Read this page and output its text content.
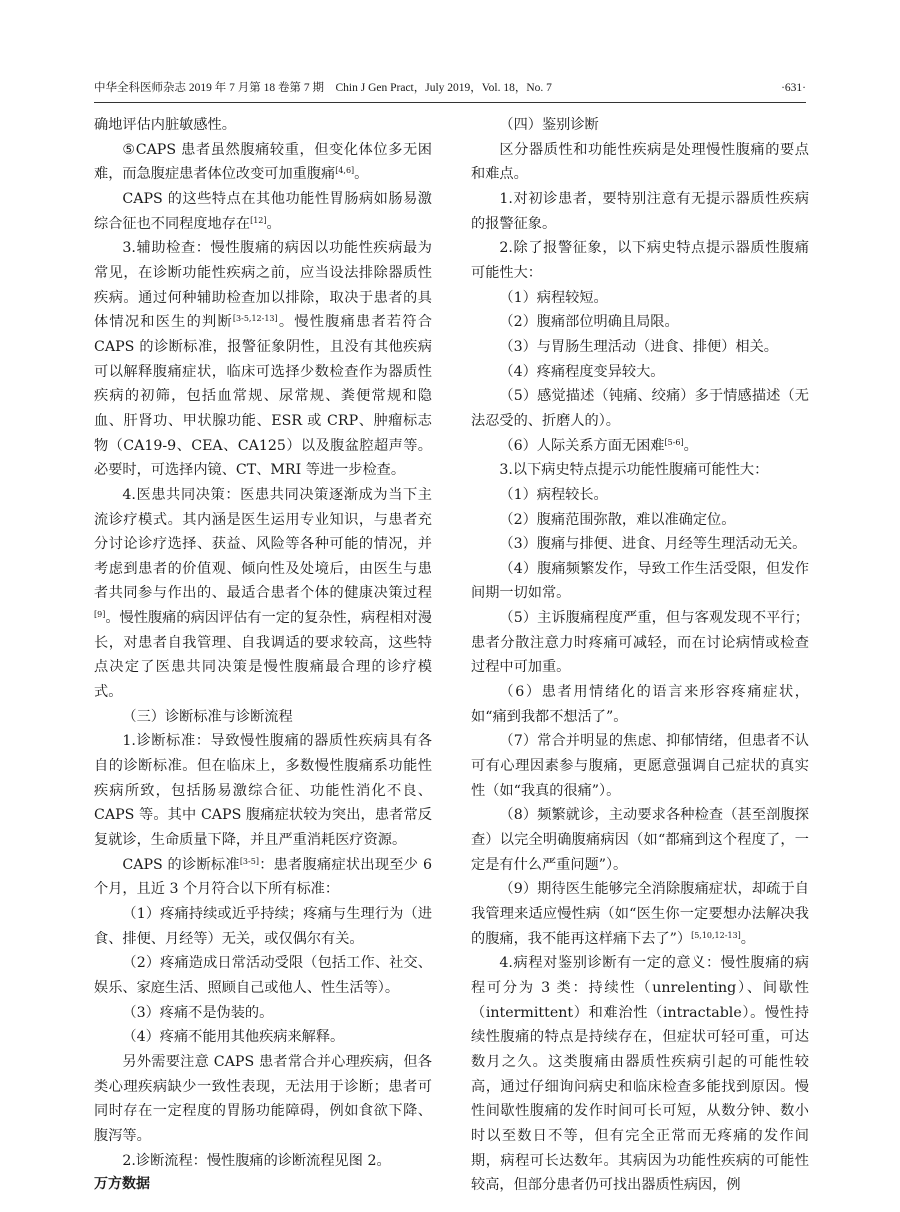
中华全科医师杂志 2019 年 7 月第 18 卷第 7 期　Chin J Gen Pract，July 2019，Vol. 18，No. 7	·631·

确地评估内脏敏感性。

⑤CAPS 患者虽然腹痛较重，但变化体位多无困难，而急腹症患者体位改变可加重腹痛[4,6]。

CAPS 的这些特点在其他功能性胃肠病如肠易激综合征也不同程度地存在[12]。

3.辅助检查：慢性腹痛的病因以功能性疾病最为常见，在诊断功能性疾病之前，应当设法排除器质性疾病。通过何种辅助检查加以排除，取决于患者的具体情况和医生的判断[3-5,12-13]。慢性腹痛患者若符合 CAPS 的诊断标准，报警征象阴性，且没有其他疾病可以解释腹痛症状，临床可选择少数检查作为器质性疾病的初筛，包括血常规、尿常规、粪便常规和隐血、肝肾功、甲状腺功能、ESR 或 CRP、肿瘤标志物（CA19-9、CEA、CA125）以及腹盆腔超声等。必要时，可选择内镜、CT、MRI 等进一步检查。

4.医患共同决策：医患共同决策逐渐成为当下主流诊疗模式。其内涵是医生运用专业知识，与患者充分讨论诊疗选择、获益、风险等各种可能的情况，并考虑到患者的价值观、倾向性及处境后，由医生与患者共同参与作出的、最适合患者个体的健康决策过程[9]。慢性腹痛的病因评估有一定的复杂性，病程相对漫长，对患者自我管理、自我调适的要求较高，这些特点决定了医患共同决策是慢性腹痛最合理的诊疗模式。

（三）诊断标准与诊断流程

1.诊断标准：导致慢性腹痛的器质性疾病具有各自的诊断标准。但在临床上，多数慢性腹痛系功能性疾病所致，包括肠易激综合征、功能性消化不良、CAPS 等。其中 CAPS 腹痛症状较为突出，患者常反复就诊，生命质量下降，并且严重消耗医疗资源。

CAPS 的诊断标准[3-5]：患者腹痛症状出现至少 6 个月，且近 3 个月符合以下所有标准：

（1）疼痛持续或近乎持续；疼痛与生理行为（进食、排便、月经等）无关，或仅偶尔有关。

（2）疼痛造成日常活动受限（包括工作、社交、娱乐、家庭生活、照顾自己或他人、性生活等）。

（3）疼痛不是伪装的。

（4）疼痛不能用其他疾病来解释。

另外需要注意 CAPS 患者常合并心理疾病，但各类心理疾病缺少一致性表现，无法用于诊断；患者可同时存在一定程度的胃肠功能障碍，例如食欲下降、腹泻等。

2.诊断流程：慢性腹痛的诊断流程见图 2。

（四）鉴别诊断

区分器质性和功能性疾病是处理慢性腹痛的要点和难点。

1.对初诊患者，要特别注意有无提示器质性疾病的报警征象。

2.除了报警征象，以下病史特点提示器质性腹痛可能性大：

（1）病程较短。

（2）腹痛部位明确且局限。

（3）与胃肠生理活动（进食、排便）相关。

（4）疼痛程度变异较大。

（5）感觉描述（钝痛、绞痛）多于情感描述（无法忍受的、折磨人的）。

（6）人际关系方面无困难[5-6]。

3.以下病史特点提示功能性腹痛可能性大：

（1）病程较长。

（2）腹痛范围弥散，难以准确定位。

（3）腹痛与排便、进食、月经等生理活动无关。

（4）腹痛频繁发作，导致工作生活受限，但发作间期一切如常。

（5）主诉腹痛程度严重，但与客观发现不平行；患者分散注意力时疼痛可减轻，而在讨论病情或检查过程中可加重。

（6）患者用情绪化的语言来形容疼痛症状，如“痛到我都不想活了”。

（7）常合并明显的焦虑、抑郁情绪，但患者不认可有心理因素参与腹痛，更愿意强调自己症状的真实性（如“我真的很痛”）。

（8）频繁就诊，主动要求各种检查（甚至剖腹探查）以完全明确腹痛病因（如“都痛到这个程度了，一定是有什么严重问题”）。

（9）期待医生能够完全消除腹痛症状，却疏于自我管理来适应慢性病（如“医生你一定要想办法解决我的腹痛，我不能再这样痛下去了”）[5,10,12-13]。

4.病程对鉴别诊断有一定的意义：慢性腹痛的病程可分为 3 类：持续性（unrelenting）、间歇性（intermittent）和难治性（intractable）。慢性持续性腹痛的特点是持续存在，但症状可轻可重，可达数月之久。这类腹痛由器质性疾病引起的可能性较高，通过仔细询问病史和临床检查多能找到原因。慢性间歇性腹痛的发作时间可长可短，从数分钟、数小时以至数日不等，但有完全正常而无疼痛的发作间期，病程可长达数年。其病因为功能性疾病的可能性较高，但部分患者仍可找出器质性病因，例

万方数据
